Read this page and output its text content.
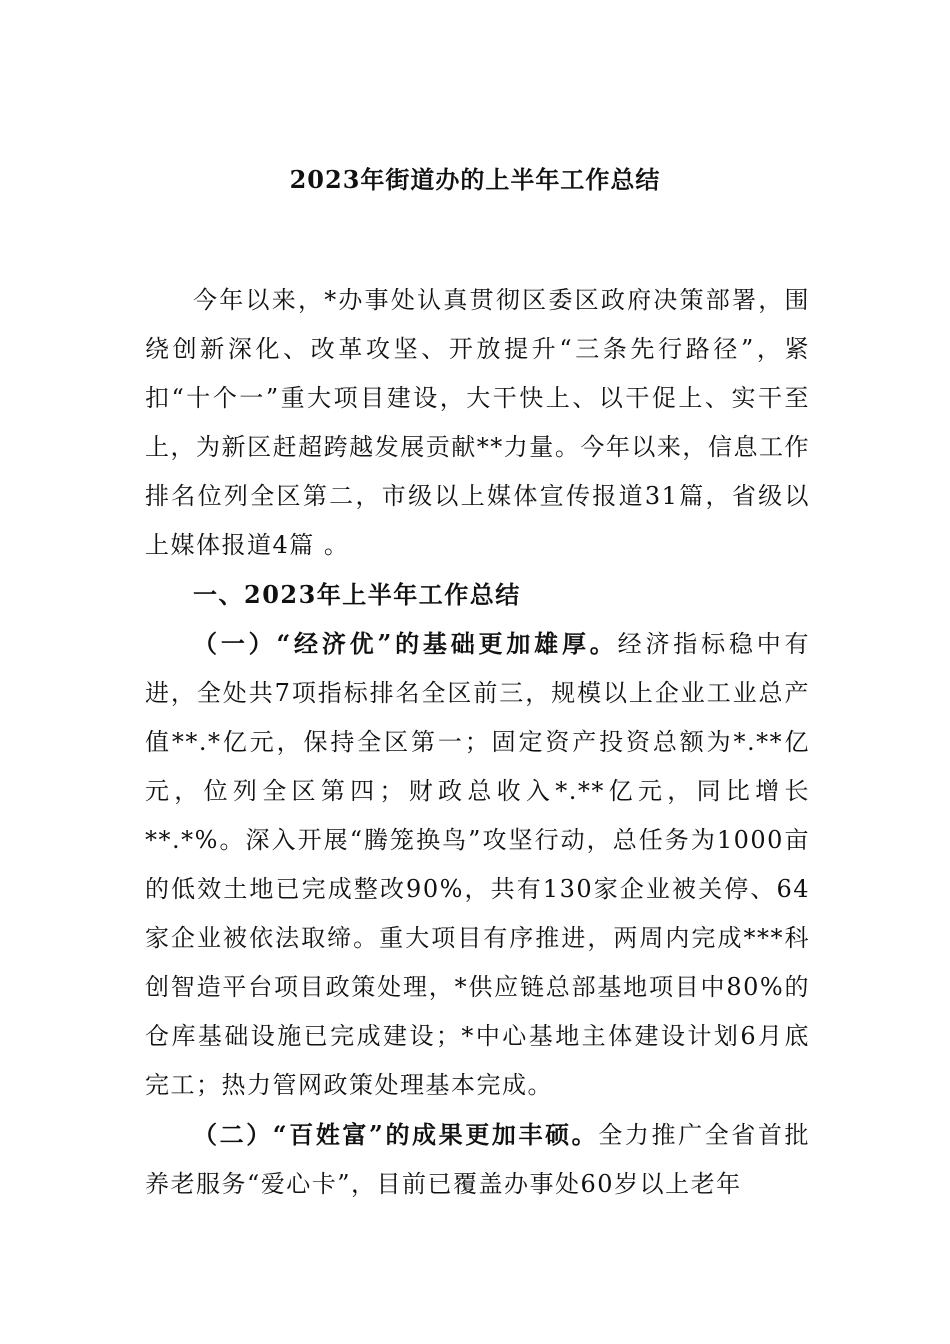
2023年街道办的上半年工作总结

今年以来，*办事处认真贯彻区委区政府决策部署，围绕创新深化、改革攻坚、开放提升“三条先行路径”，紧扣“十个一”重大项目建设，大干快上、以干促上、实干至上，为新区赶超跨越发展贡献**力量。今年以来，信息工作排名位列全区第二，市级以上媒体宣传报道31篇，省级以上媒体报道4篇 。

一、2023年上半年工作总结

（一）“经济优”的基础更加雄厚。经济指标稳中有进，全处共7项指标排名全区前三，规模以上企业工业总产值**.*亿元，保持全区第一；固定资产投资总额为*.**亿元，位列全区第四；财政总收入*.**亿元，同比增长**.*%。深入开展“腾笼换鸟”攻坚行动，总任务为1000亩的低效土地已完成整改90%，共有130家企业被关停、64家企业被依法取缔。重大项目有序推进，两周内完成***科创智造平台项目政策处理，*供应链总部基地项目中80%的仓库基础设施已完成建设；*中心基地主体建设计划6月底完工；热力管网政策处理基本完成。

（二）“百姓富”的成果更加丰硕。全力推广全省首批养老服务“爱心卡”，目前已覆盖办事处60岁以上老年
